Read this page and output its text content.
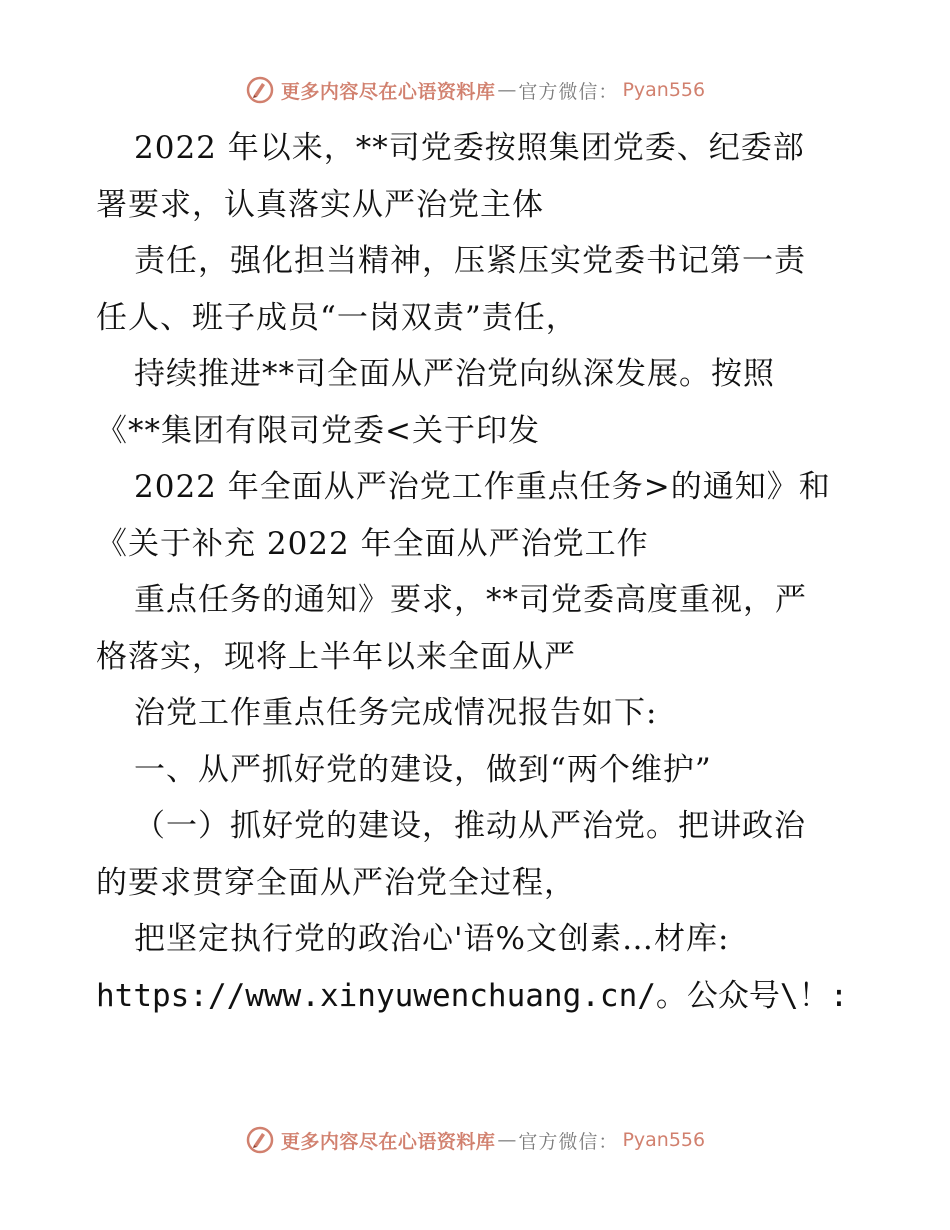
更多内容尽在心语资料库 — 官方微信： Pyan556
2022 年以来，**司党委按照集团党委、纪委部
署要求，认真落实从严治党主体
责任，强化担当精神，压紧压实党委书记第一责
任人、班子成员“一岗双责”责任，
持续推进**司全面从严治党向纵深发展。按照
《**集团有限司党委<关于印发
2022 年全面从严治党工作重点任务>的通知》和
《关于补充 2022 年全面从严治党工作
重点任务的通知》要求，**司党委高度重视，严
格落实，现将上半年以来全面从严
治党工作重点任务完成情况报告如下:
一、从严抓好党的建设，做到“两个维护”
（一）抓好党的建设，推动从严治党。把讲政治
的要求贯穿全面从严治党全过程，
把坚定执行党的政治心'语%文创素…材库:
https://www.xinyuwenchuang.cn/。公众号\！:
更多内容尽在心语资料库 — 官方微信： Pyan556
